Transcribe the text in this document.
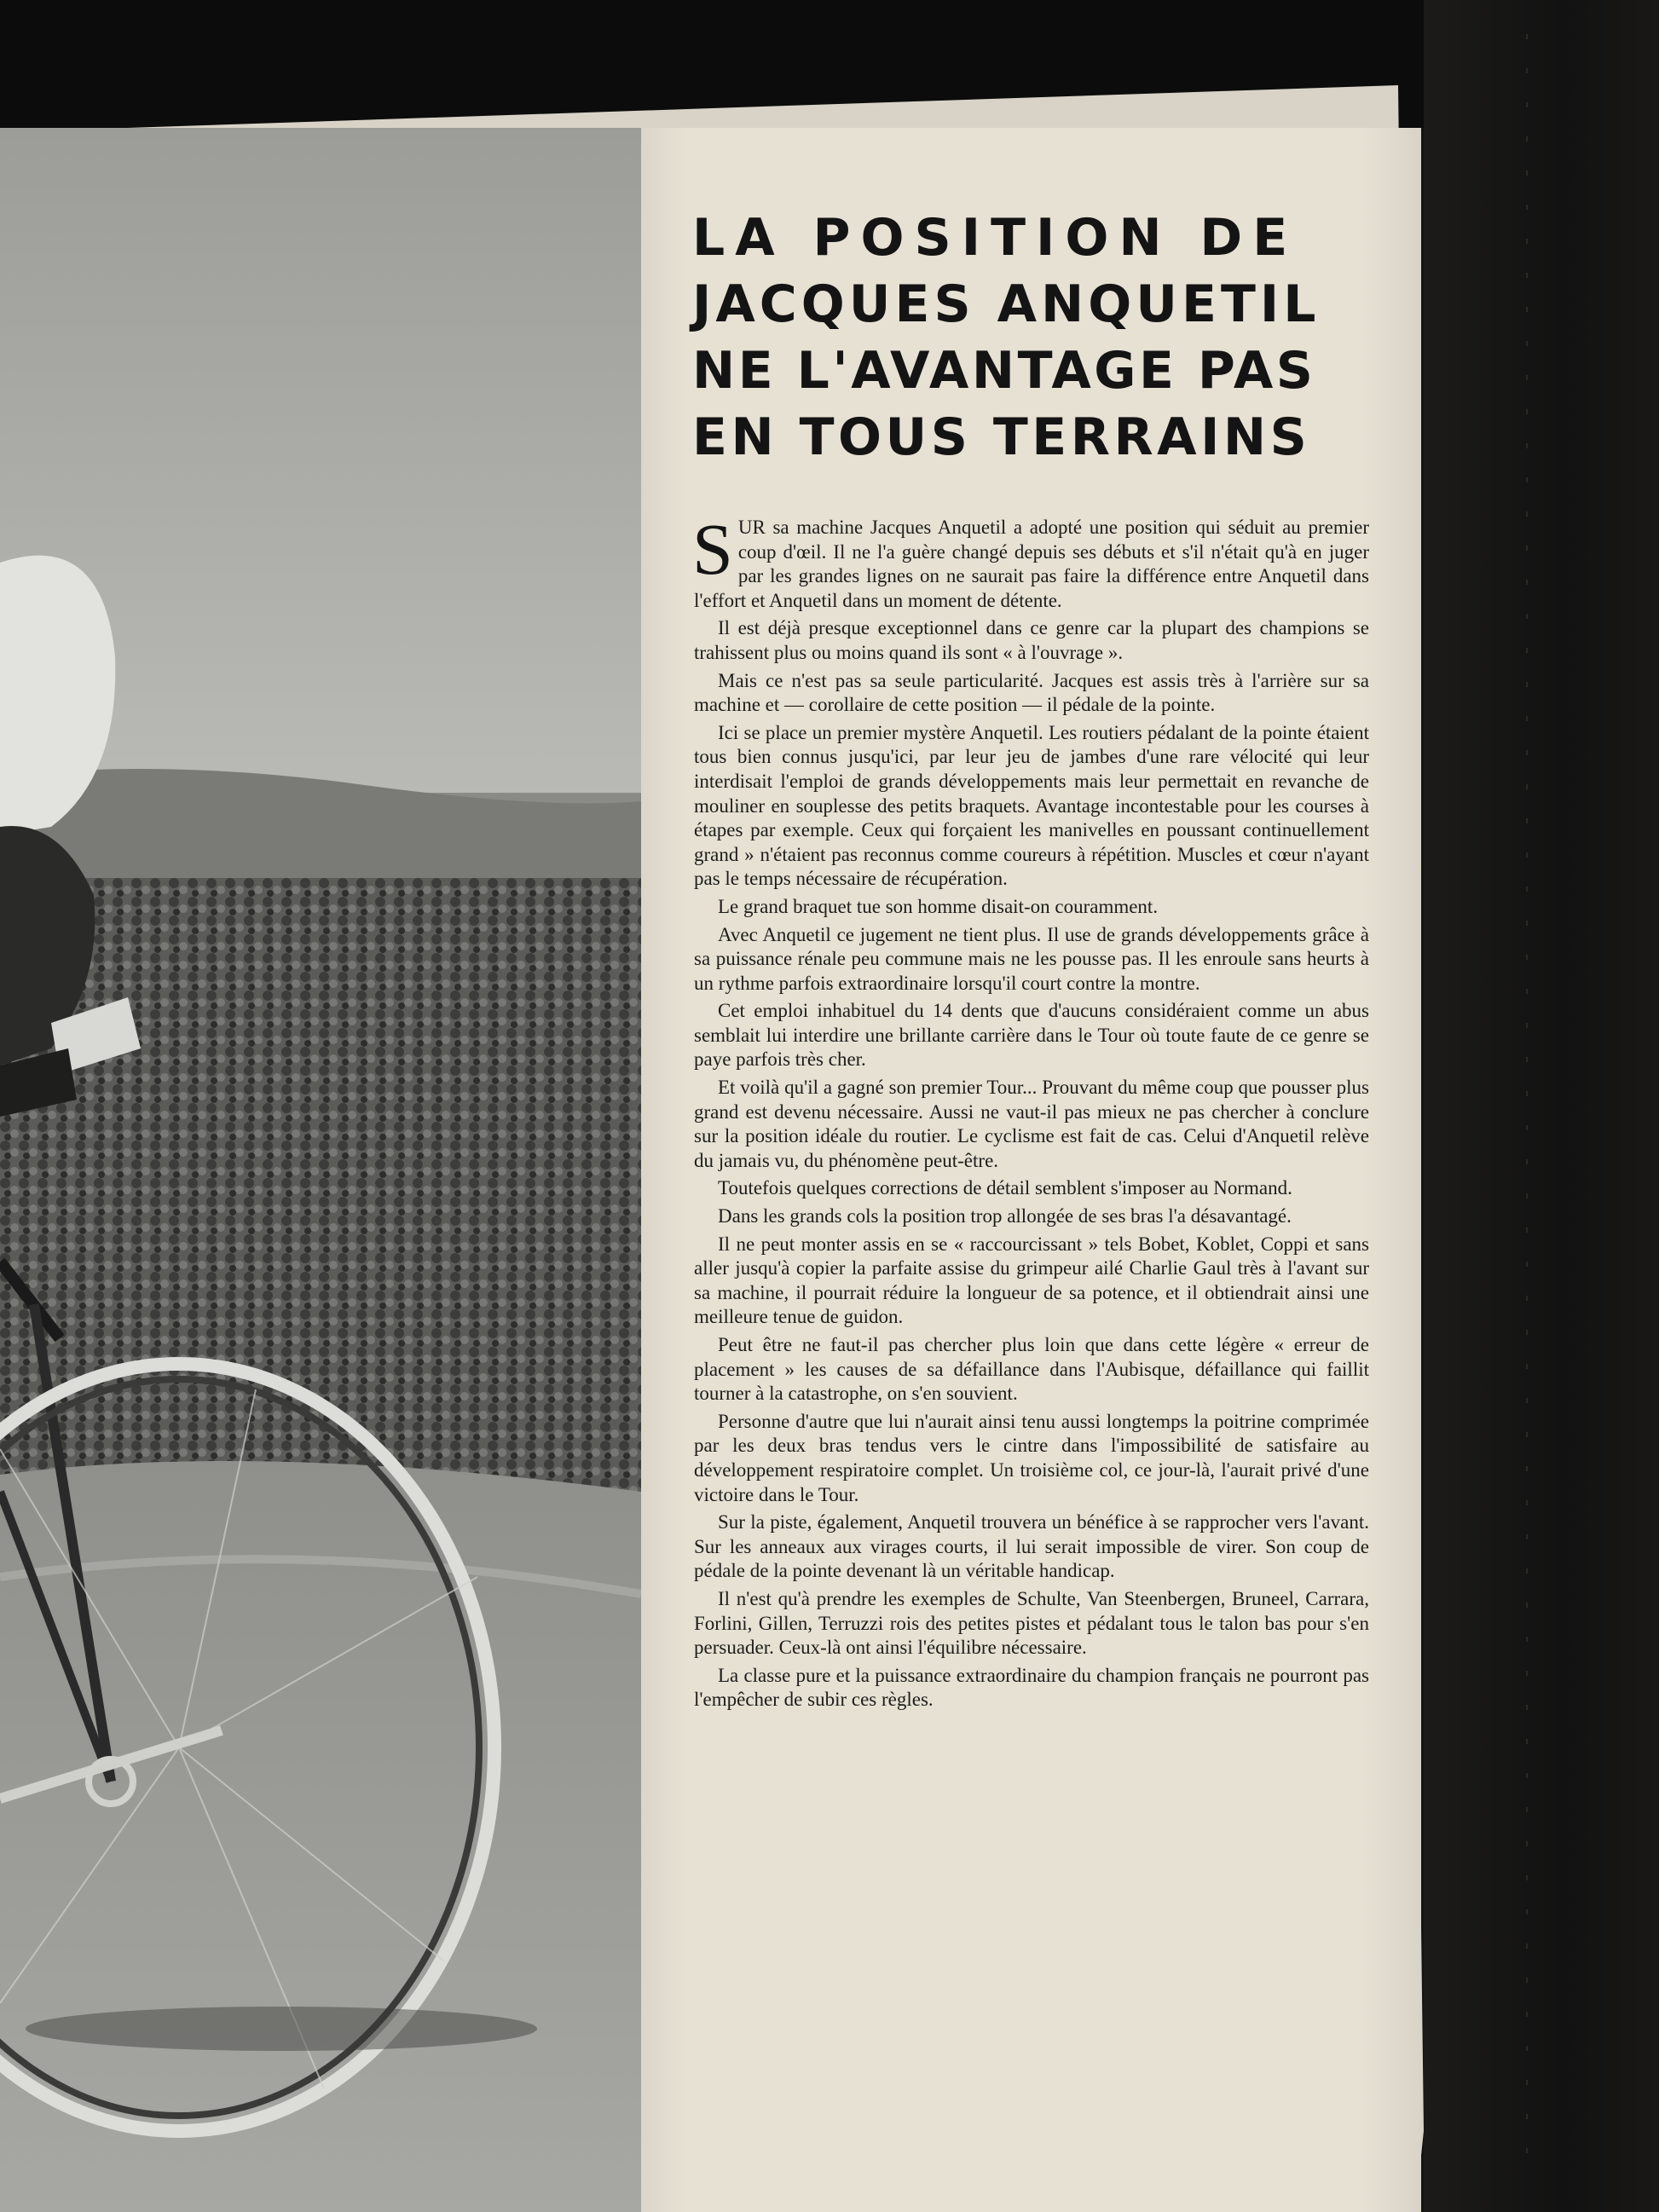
LA POSITION DE
JACQUES ANQUETIL
NE L'AVANTAGE PAS
EN TOUS TERRAINS

SUR sa machine Jacques Anquetil a adopté une position qui séduit au premier coup d'œil. Il ne l'a guère changé depuis ses débuts et s'il n'était qu'à en juger par les grandes lignes on ne saurait pas faire la différence entre Anquetil dans l'effort et Anquetil dans un moment de détente.

Il est déjà presque exceptionnel dans ce genre car la plupart des champions se trahissent plus ou moins quand ils sont « à l'ouvrage ».

Mais ce n'est pas sa seule particularité. Jacques est assis très à l'arrière sur sa machine et — corollaire de cette position — il pédale de la pointe.

Ici se place un premier mystère Anquetil. Les routiers pédalant de la pointe étaient tous bien connus jusqu'ici, par leur jeu de jambes d'une rare vélocité qui leur interdisait l'emploi de grands développements mais leur permettait en revanche de mouliner en souplesse des petits braquets. Avantage incontestable pour les courses à étapes par exemple. Ceux qui forçaient les manivelles en poussant continuellement grand » n'étaient pas reconnus comme coureurs à répétition. Muscles et cœur n'ayant pas le temps nécessaire de récupération.

Le grand braquet tue son homme disait-on couramment.

Avec Anquetil ce jugement ne tient plus. Il use de grands développements grâce à sa puissance rénale peu commune mais ne les pousse pas. Il les enroule sans heurts à un rythme parfois extraordinaire lorsqu'il court contre la montre.

Cet emploi inhabituel du 14 dents que d'aucuns considéraient comme un abus semblait lui interdire une brillante carrière dans le Tour où toute faute de ce genre se paye parfois très cher.

Et voilà qu'il a gagné son premier Tour... Prouvant du même coup que pousser plus grand est devenu nécessaire. Aussi ne vaut-il pas mieux ne pas chercher à conclure sur la position idéale du routier. Le cyclisme est fait de cas. Celui d'Anquetil relève du jamais vu, du phénomène peut-être.

Toutefois quelques corrections de détail semblent s'imposer au Normand.

Dans les grands cols la position trop allongée de ses bras l'a désavantagé.

Il ne peut monter assis en se « raccourcissant » tels Bobet, Koblet, Coppi et sans aller jusqu'à copier la parfaite assise du grimpeur ailé Charlie Gaul très à l'avant sur sa machine, il pourrait réduire la longueur de sa potence, et il obtiendrait ainsi une meilleure tenue de guidon.

Peut être ne faut-il pas chercher plus loin que dans cette légère « erreur de placement » les causes de sa défaillance dans l'Aubisque, défaillance qui faillit tourner à la catastrophe, on s'en souvient.

Personne d'autre que lui n'aurait ainsi tenu aussi longtemps la poitrine comprimée par les deux bras tendus vers le cintre dans l'impossibilité de satisfaire au développement respiratoire complet. Un troisième col, ce jour-là, l'aurait privé d'une victoire dans le Tour.

Sur la piste, également, Anquetil trouvera un bénéfice à se rapprocher vers l'avant. Sur les anneaux aux virages courts, il lui serait impossible de virer. Son coup de pédale de la pointe devenant là un véritable handicap.

Il n'est qu'à prendre les exemples de Schulte, Van Steenbergen, Bruneel, Carrara, Forlini, Gillen, Terruzzi rois des petites pistes et pédalant tous le talon bas pour s'en persuader. Ceux-là ont ainsi l'équilibre nécessaire.

La classe pure et la puissance extraordinaire du champion français ne pourront pas l'empêcher de subir ces règles.
